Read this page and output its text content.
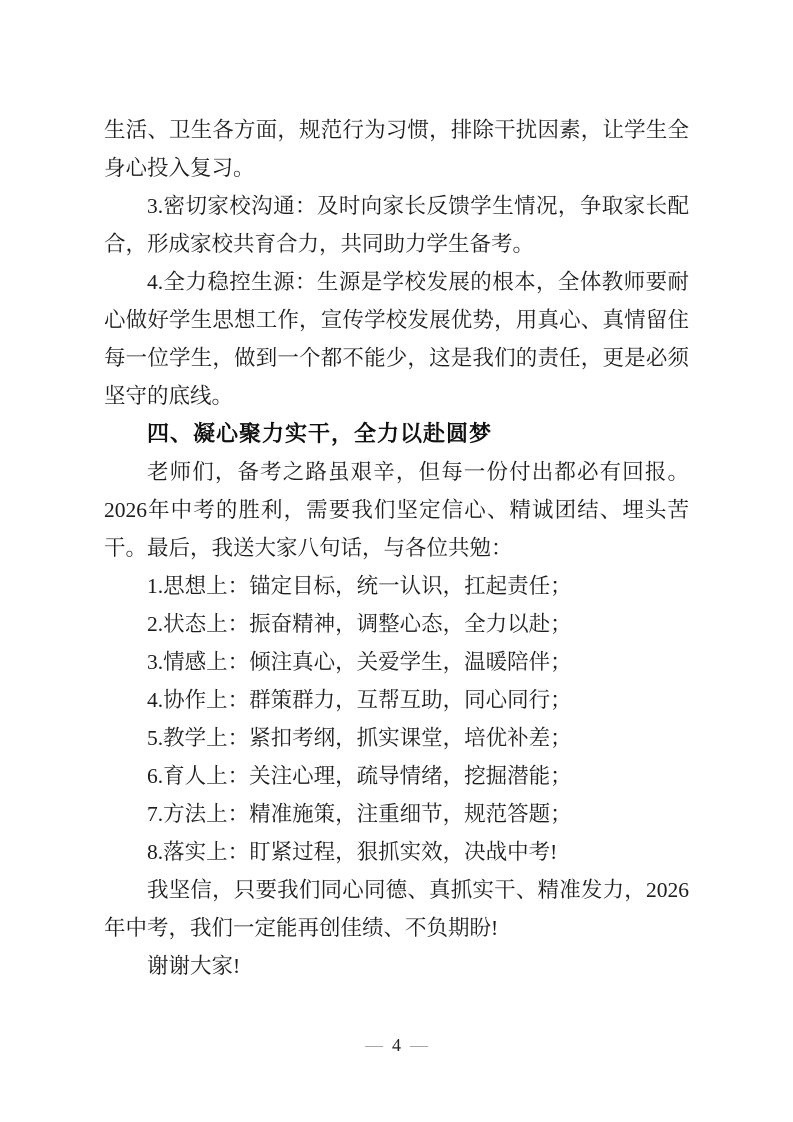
生活、卫生各方面，规范行为习惯，排除干扰因素，让学生全身心投入复习。

3.密切家校沟通：及时向家长反馈学生情况，争取家长配合，形成家校共育合力，共同助力学生备考。

4.全力稳控生源：生源是学校发展的根本，全体教师要耐心做好学生思想工作，宣传学校发展优势，用真心、真情留住每一位学生，做到一个都不能少，这是我们的责任，更是必须坚守的底线。

四、凝心聚力实干，全力以赴圆梦

老师们，备考之路虽艰辛，但每一份付出都必有回报。2026年中考的胜利，需要我们坚定信心、精诚团结、埋头苦干。最后，我送大家八句话，与各位共勉：

1.思想上：锚定目标，统一认识，扛起责任；

2.状态上：振奋精神，调整心态，全力以赴；

3.情感上：倾注真心，关爱学生，温暖陪伴；

4.协作上：群策群力，互帮互助，同心同行；

5.教学上：紧扣考纲，抓实课堂，培优补差；

6.育人上：关注心理，疏导情绪，挖掘潜能；

7.方法上：精准施策，注重细节，规范答题；

8.落实上：盯紧过程，狠抓实效，决战中考!

我坚信，只要我们同心同德、真抓实干、精准发力，2026年中考，我们一定能再创佳绩、不负期盼!

谢谢大家!

— 4 —
